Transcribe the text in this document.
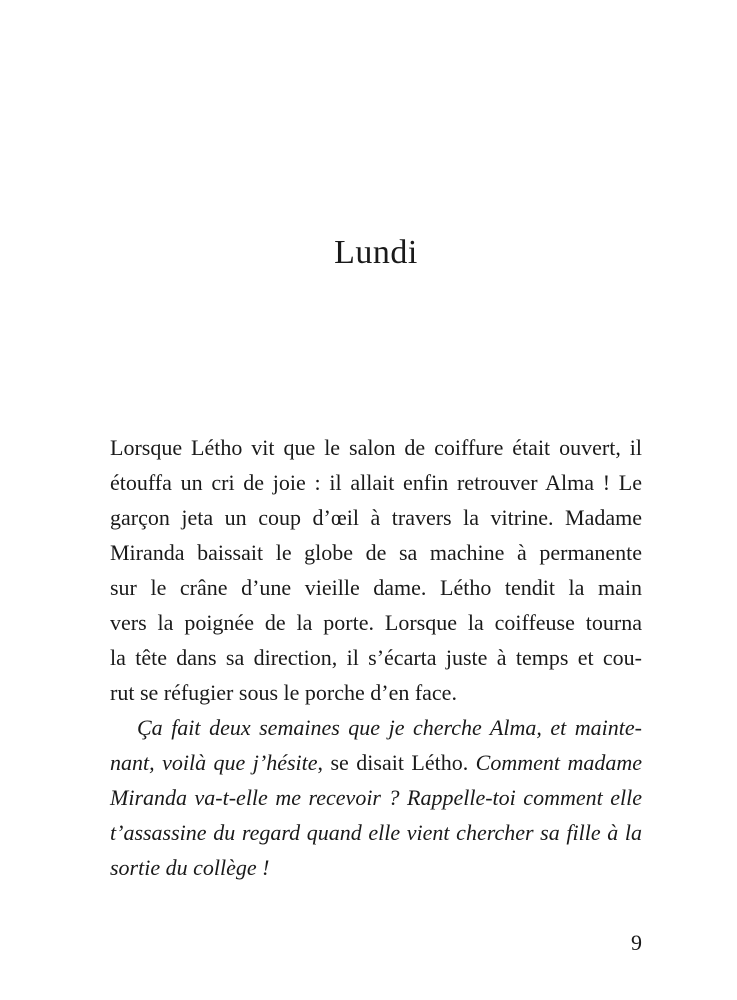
Lundi
Lorsque Létho vit que le salon de coiffure était ouvert, il
étouffa un cri de joie : il allait enfin retrouver Alma ! Le
garçon jeta un coup d’œil à travers la vitrine. Madame
Miranda baissait le globe de sa machine à permanente
sur le crâne d’une vieille dame. Létho tendit la main
vers la poignée de la porte. Lorsque la coiffeuse tourna
la tête dans sa direction, il s’écarta juste à temps et cou-
rut se réfugier sous le porche d’en face.
Ça fait deux semaines que je cherche Alma, et mainte-
nant, voilà que j’hésite, se disait Létho. Comment madame
Miranda va-t-elle me recevoir ? Rappelle-toi comment elle
t’assassine du regard quand elle vient chercher sa fille à la
sortie du collège !
9
